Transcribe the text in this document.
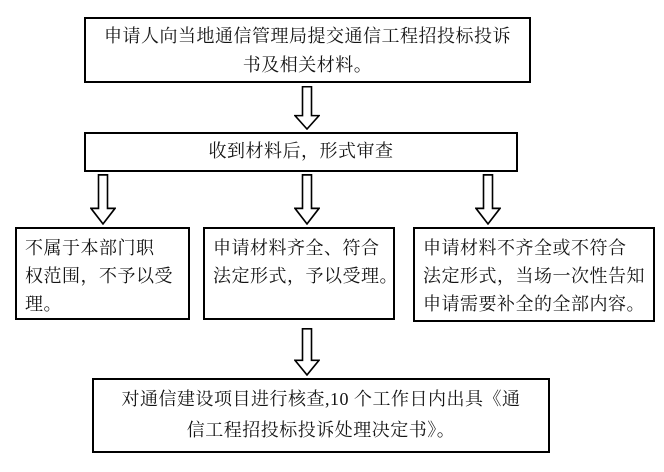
申请人向当地通信管理局提交通信工程招投标投诉
书及相关材料。
收到材料后，形式审查
不属于本部门职
权范围，不予以受
理。
申请材料齐全、符合
法定形式，予以受理。
申请材料不齐全或不符合
法定形式，当场一次性告知
申请需要补全的全部内容。
对通信建设项目进行核查,10 个工作日内出具《通
信工程招投标投诉处理决定书》。
